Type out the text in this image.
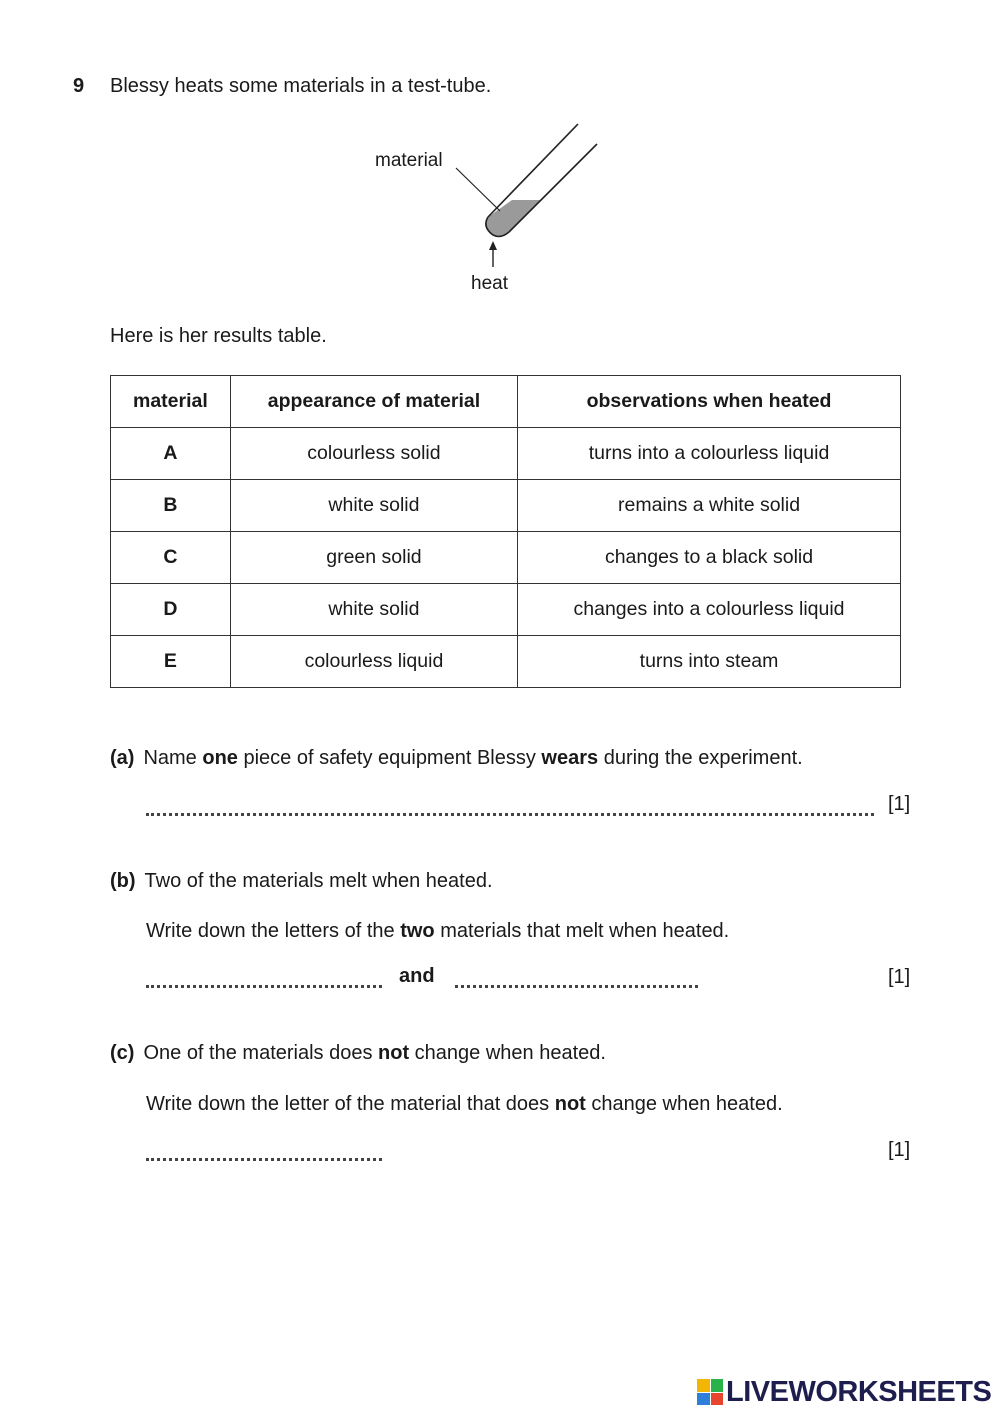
9 Blessy heats some materials in a test-tube.
material
heat
Here is her results table.
material	appearance of material	observations when heated
A	colourless solid	turns into a colourless liquid
B	white solid	remains a white solid
C	green solid	changes to a black solid
D	white solid	changes into a colourless liquid
E	colourless liquid	turns into steam
(a) Name one piece of safety equipment Blessy wears during the experiment.
[1]
(b) Two of the materials melt when heated.
Write down the letters of the two materials that melt when heated.
and	[1]
(c) One of the materials does not change when heated.
Write down the letter of the material that does not change when heated.
[1]
LIVEWORKSHEETS
